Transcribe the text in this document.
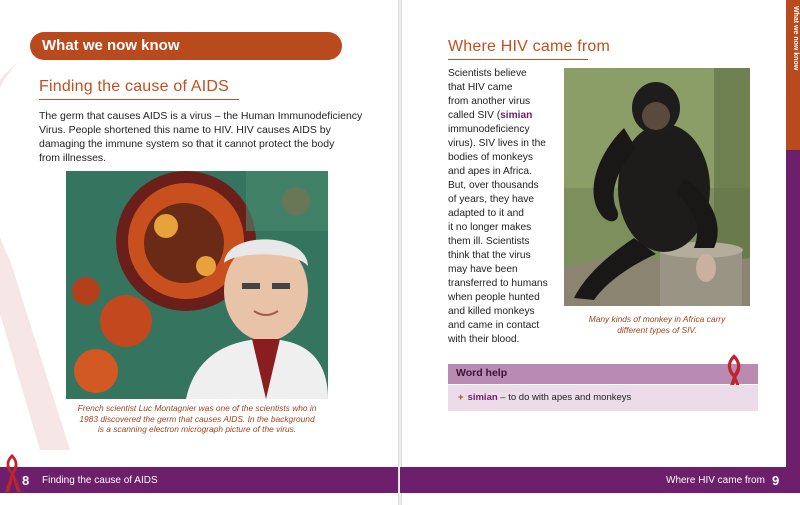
What we now know
Finding the cause of AIDS
The germ that causes AIDS is a virus – the Human Immunodeficiency
Virus. People shortened this name to HIV. HIV causes AIDS by
damaging the immune system so that it cannot protect the body
from illnesses.
French scientist Luc Montagnier was one of the scientists who in
1983 discovered the germ that causes AIDS. In the background
is a scanning electron micrograph picture of the virus.
8 Finding the cause of AIDS
What we now know
Where HIV came from
Scientists believe
that HIV came
from another virus
called SIV (simian
immunodeficiency
virus). SIV lives in the
bodies of monkeys
and apes in Africa.
But, over thousands
of years, they have
adapted to it and
it no longer makes
them ill. Scientists
think that the virus
may have been
transferred to humans
when people hunted
and killed monkeys
and came in contact
with their blood.
Many kinds of monkey in Africa carry
different types of SIV.
Word help
+ simian – to do with apes and monkeys
Where HIV came from 9
